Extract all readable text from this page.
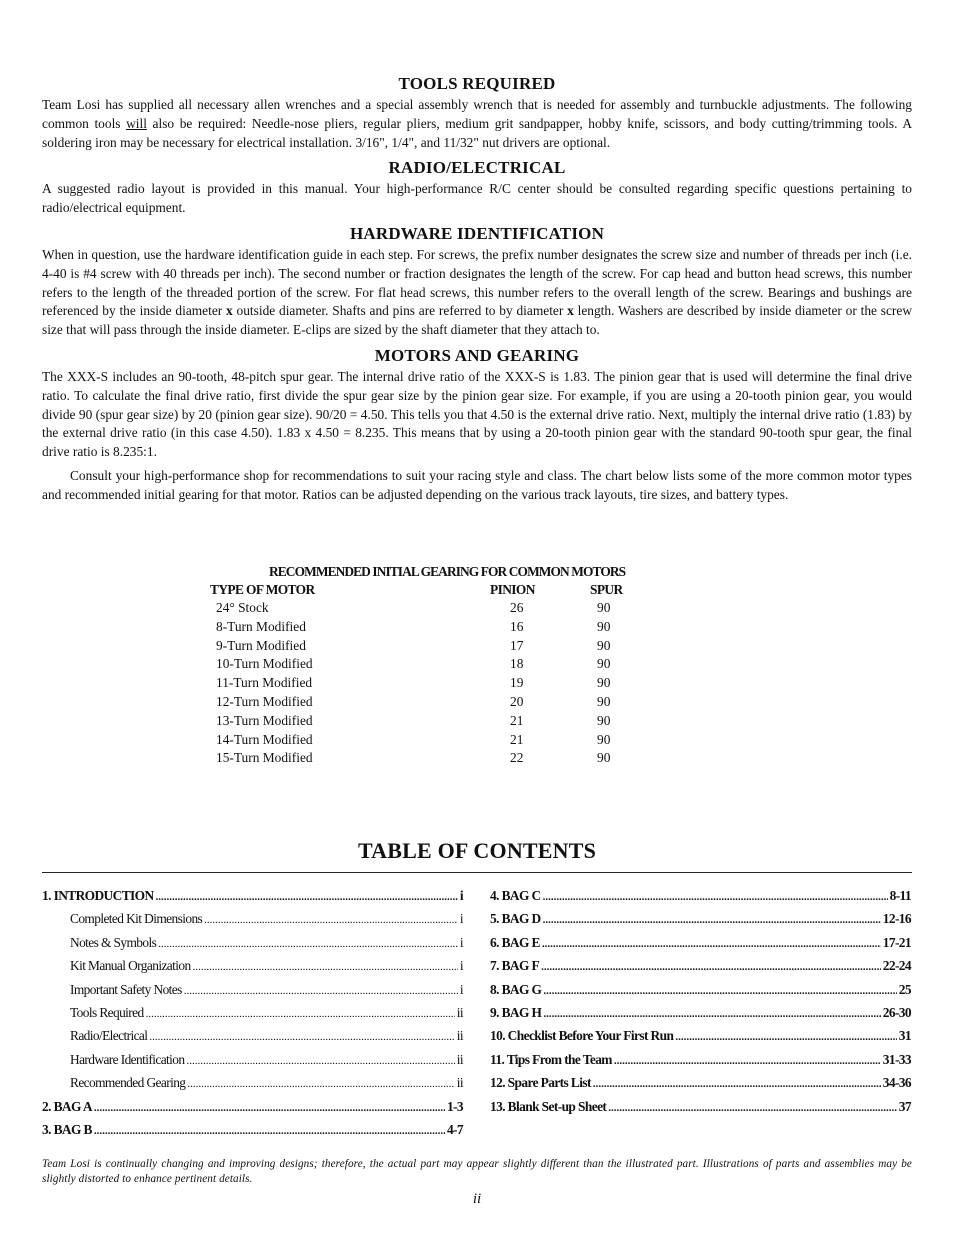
TOOLS REQUIRED

Team Losi has supplied all necessary allen wrenches and a special assembly wrench that is needed for assembly and turnbuckle adjustments. The following common tools will also be required: Needle-nose pliers, regular pliers, medium grit sandpapper, hobby knife, scissors, and body cutting/trimming tools. A soldering iron may be necessary for electrical installation. 3/16", 1/4", and 11/32" nut drivers are optional.

RADIO/ELECTRICAL

A suggested radio layout is provided in this manual. Your high-performance R/C center should be consulted regarding specific questions pertaining to radio/electrical equipment.

HARDWARE IDENTIFICATION

When in question, use the hardware identification guide in each step. For screws, the prefix number designates the screw size and number of threads per inch (i.e. 4-40 is #4 screw with 40 threads per inch). The second number or fraction designates the length of the screw. For cap head and button head screws, this number refers to the length of the threaded portion of the screw. For flat head screws, this number refers to the overall length of the screw. Bearings and bushings are referenced by the inside diameter x outside diameter. Shafts and pins are referred to by diameter x length. Washers are described by inside diameter or the screw size that will pass through the inside diameter. E-clips are sized by the shaft diameter that they attach to.

MOTORS AND GEARING

The XXX-S includes an 90-tooth, 48-pitch spur gear. The internal drive ratio of the XXX-S is 1.83. The pinion gear that is used will determine the final drive ratio. To calculate the final drive ratio, first divide the spur gear size by the pinion gear size. For example, if you are using a 20-tooth pinion gear, you would divide 90 (spur gear size) by 20 (pinion gear size). 90/20 = 4.50. This tells you that 4.50 is the external drive ratio. Next, multiply the internal drive ratio (1.83) by the external drive ratio (in this case 4.50). 1.83 x 4.50 = 8.235. This means that by using a 20-tooth pinion gear with the standard 90-tooth spur gear, the final drive ratio is 8.235:1.

Consult your high-performance shop for recommendations to suit your racing style and class. The chart below lists some of the more common motor types and recommended initial gearing for that motor. Ratios can be adjusted depending on the various track layouts, tire sizes, and battery types.

RECOMMENDED INITIAL GEARING FOR COMMON MOTORS
TYPE OF MOTOR	PINION	SPUR
24° Stock	26	90
8-Turn Modified	16	90
9-Turn Modified	17	90
10-Turn Modified	18	90
11-Turn Modified	19	90
12-Turn Modified	20	90
13-Turn Modified	21	90
14-Turn Modified	21	90
15-Turn Modified	22	90
TABLE OF CONTENTS
1. INTRODUCTION .....	i
Completed Kit Dimensions .....	i
Notes & Symbols .....	i
Kit Manual Organization .....	i
Important Safety Notes .....	i
Tools Required .....	ii
Radio/Electrical .....	ii
Hardware Identification .....	ii
Recommended Gearing .....	ii
2. BAG A .....	1-3
3. BAG B .....	4-7
4. BAG C .....	8-11
5. BAG D .....	12-16
6. BAG E .....	17-21
7. BAG F .....	22-24
8. BAG G .....	25
9. BAG H .....	26-30
10. Checklist Before Your First Run .....	31
11. Tips From the Team .....	31-33
12. Spare Parts List .....	34-36
13. Blank Set-up Sheet .....	37
Team Losi is continually changing and improving designs; therefore, the actual part may appear slightly different than the illustrated part. Illustrations of parts and assemblies may be slightly distorted to enhance pertinent details.
ii
